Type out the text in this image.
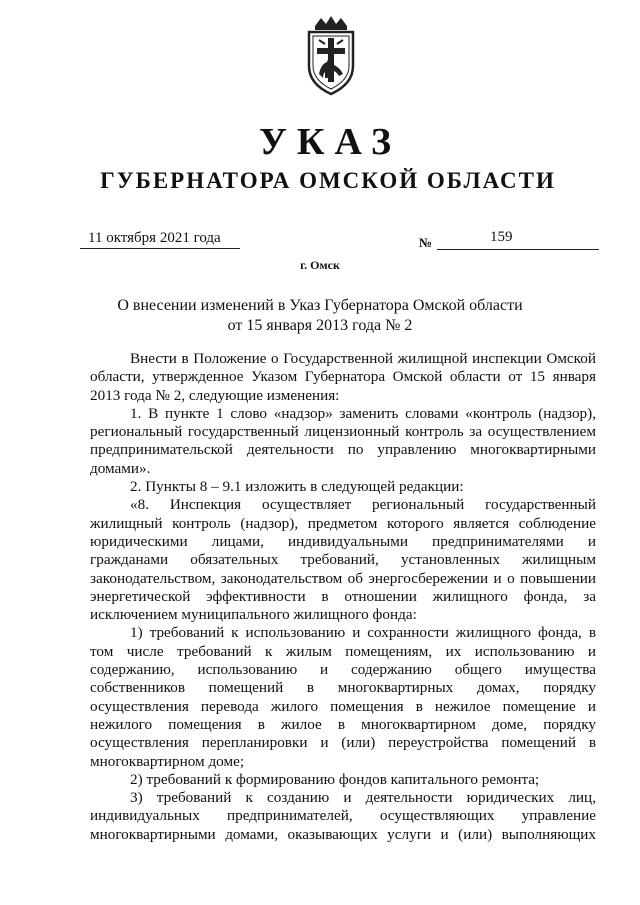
УКАЗ
ГУБЕРНАТОРА ОМСКОЙ ОБЛАСТИ
11 октября 2021 года	№	159
г. Омск
О внесении изменений в Указ Губернатора Омской области
от 15 января 2013 года № 2

Внести в Положение о Государственной жилищной инспекции Омской области, утвержденное Указом Губернатора Омской области от 15 января 2013 года № 2, следующие изменения:

1. В пункте 1 слово «надзор» заменить словами «контроль (надзор), региональный государственный лицензионный контроль за осуществлением предпринимательской деятельности по управлению многоквартирными домами».

2. Пункты 8 – 9.1 изложить в следующей редакции:

«8. Инспекция осуществляет региональный государственный жилищный контроль (надзор), предметом которого является соблюдение юридическими лицами, индивидуальными предпринимателями и гражданами обязательных требований, установленных жилищным законодательством, законодательством об энергосбережении и о повышении энергетической эффективности в отношении жилищного фонда, за исключением муниципального жилищного фонда:

1) требований к использованию и сохранности жилищного фонда, в том числе требований к жилым помещениям, их использованию и содержанию, использованию и содержанию общего имущества собственников помещений в многоквартирных домах, порядку осуществления перевода жилого помещения в нежилое помещение и нежилого помещения в жилое в многоквартирном доме, порядку осуществления перепланировки и (или) переустройства помещений в многоквартирном доме;

2) требований к формированию фондов капитального ремонта;

3) требований к созданию и деятельности юридических лиц, индивидуальных предпринимателей, осуществляющих управление многоквартирными домами, оказывающих услуги и (или) выполняющих
